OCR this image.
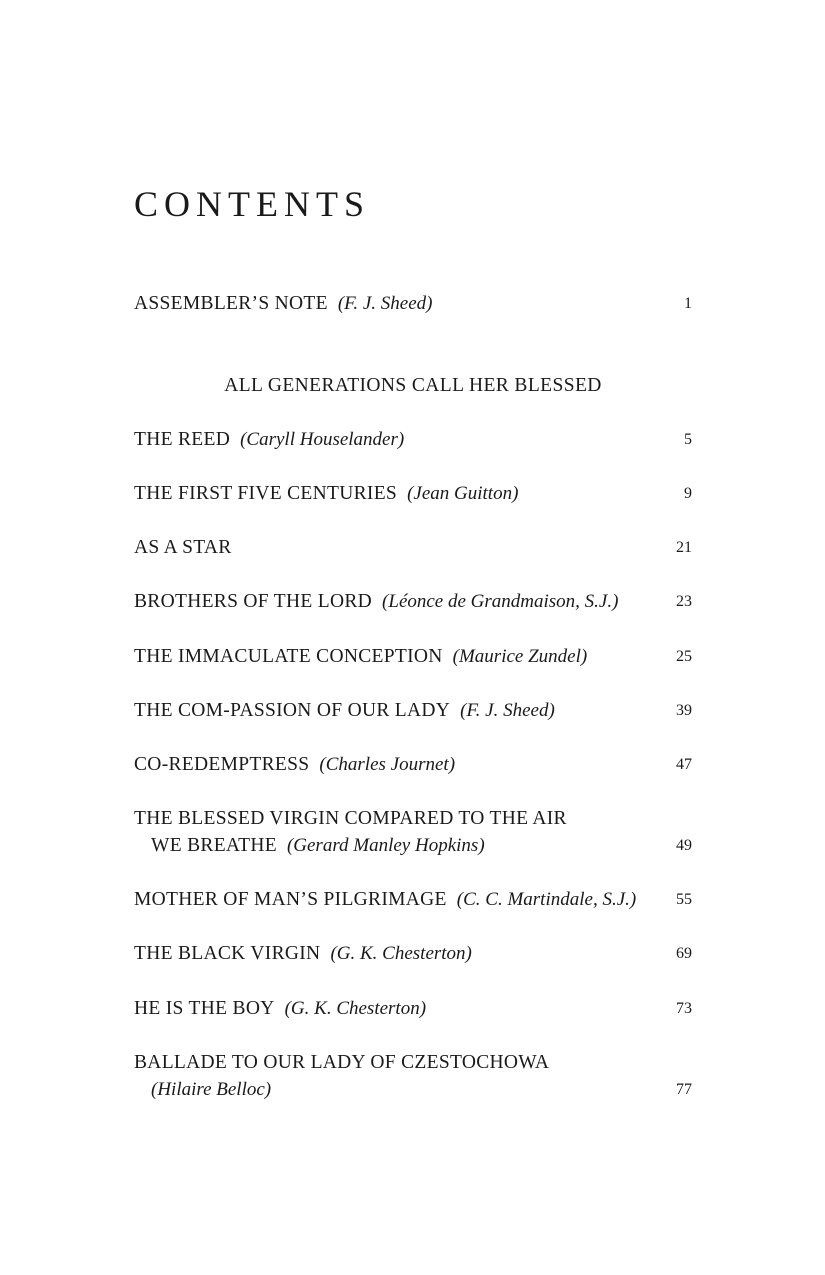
CONTENTS
ASSEMBLER’S NOTE (F. J. Sheed)	1
ALL GENERATIONS CALL HER BLESSED
THE REED (Caryll Houselander)	5
THE FIRST FIVE CENTURIES (Jean Guitton)	9
AS A STAR	21
BROTHERS OF THE LORD (Léonce de Grandmaison, S.J.)	23
THE IMMACULATE CONCEPTION (Maurice Zundel)	25
THE COM-PASSION OF OUR LADY (F. J. Sheed)	39
CO-REDEMPTRESS (Charles Journet)	47
THE BLESSED VIRGIN COMPARED TO THE AIR
WE BREATHE (Gerard Manley Hopkins)	49
MOTHER OF MAN’S PILGRIMAGE (C. C. Martindale, S.J.) 55
THE BLACK VIRGIN (G. K. Chesterton)	69
HE IS THE BOY (G. K. Chesterton)	73
BALLADE TO OUR LADY OF CZESTOCHOWA
(Hilaire Belloc)	77
